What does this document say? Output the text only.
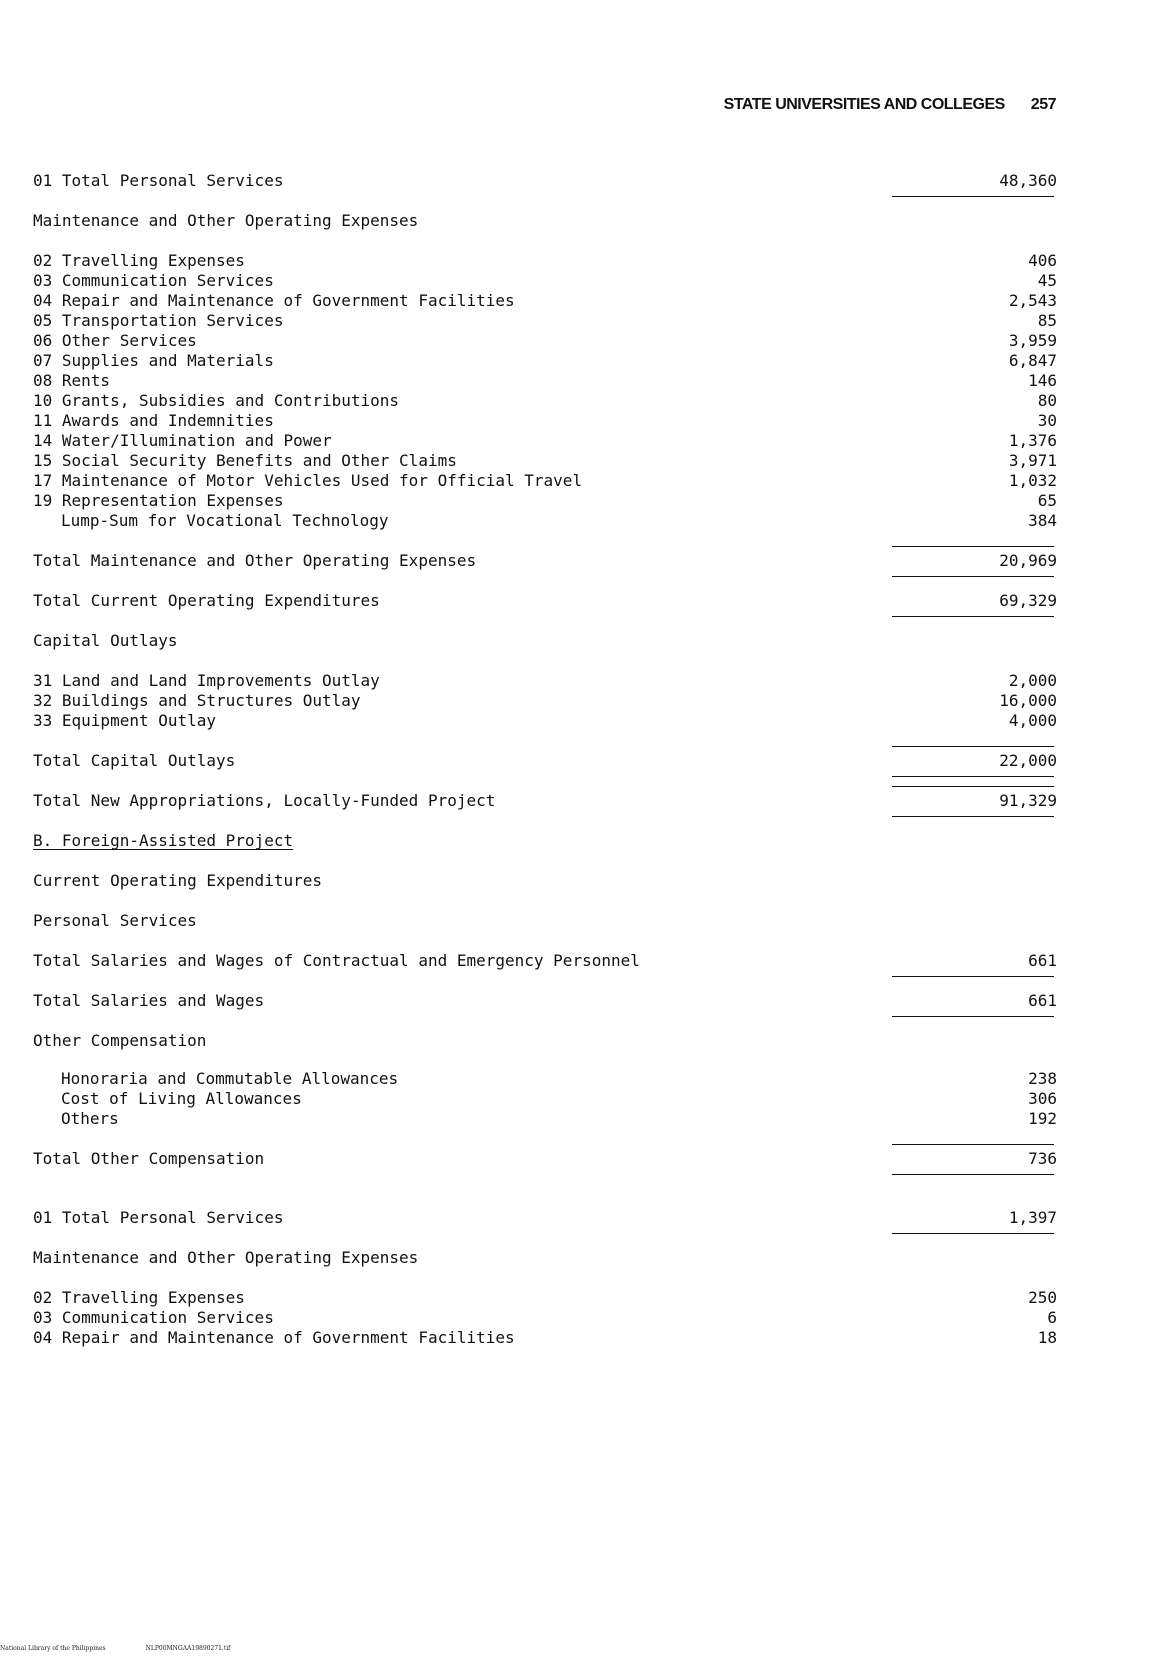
STATE UNIVERSITIES AND COLLEGES 257
01 Total Personal Services	48,360
Maintenance and Other Operating Expenses
02 Travelling Expenses	406
03 Communication Services	45
04 Repair and Maintenance of Government Facilities	2,543
05 Transportation Services	85
06 Other Services	3,959
07 Supplies and Materials	6,847
08 Rents	146
10 Grants, Subsidies and Contributions	80
11 Awards and Indemnities	30
14 Water/Illumination and Power	1,376
15 Social Security Benefits and Other Claims	3,971
17 Maintenance of Motor Vehicles Used for Official Travel	1,032
19 Representation Expenses	65
Lump-Sum for Vocational Technology	384
Total Maintenance and Other Operating Expenses	20,969
Total Current Operating Expenditures	69,329
Capital Outlays
31 Land and Land Improvements Outlay	2,000
32 Buildings and Structures Outlay	16,000
33 Equipment Outlay	4,000
Total Capital Outlays	22,000
Total New Appropriations, Locally-Funded Project	91,329
B. Foreign-Assisted Project
Current Operating Expenditures
Personal Services
Total Salaries and Wages of Contractual and Emergency Personnel	661
Total Salaries and Wages	661
Other Compensation
Honoraria and Commutable Allowances	238
Cost of Living Allowances	306
Others	192
Total Other Compensation	736
01 Total Personal Services	1,397
Maintenance and Other Operating Expenses
02 Travelling Expenses	250
03 Communication Services	6
04 Repair and Maintenance of Government Facilities	18
National Library of the Philippines	NLP00MNGAA19890271.tif
